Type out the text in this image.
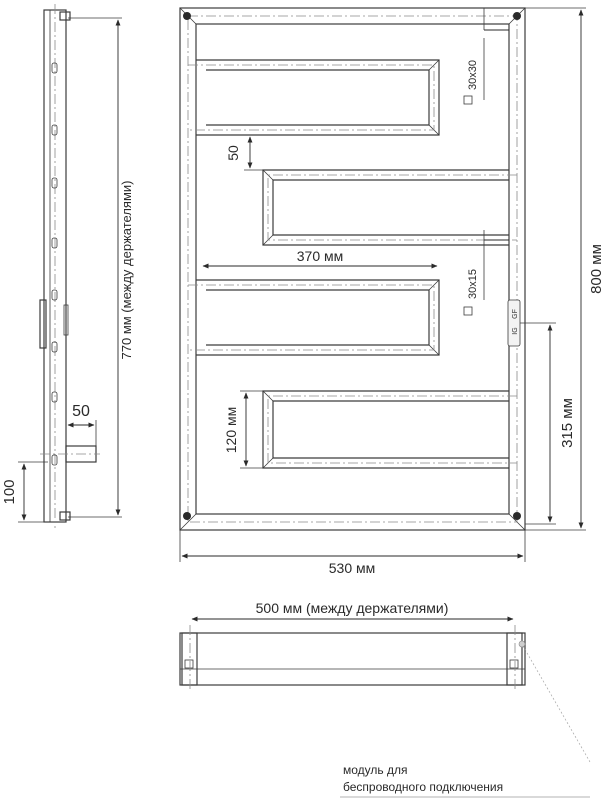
770 мм (между держателями)
50
100
IG
GF
800 мм
315 мм
530 мм
370 мм
50
120 мм
30x30
30x15
500 мм (между держателями)
модуль для
беспроводного подключения
